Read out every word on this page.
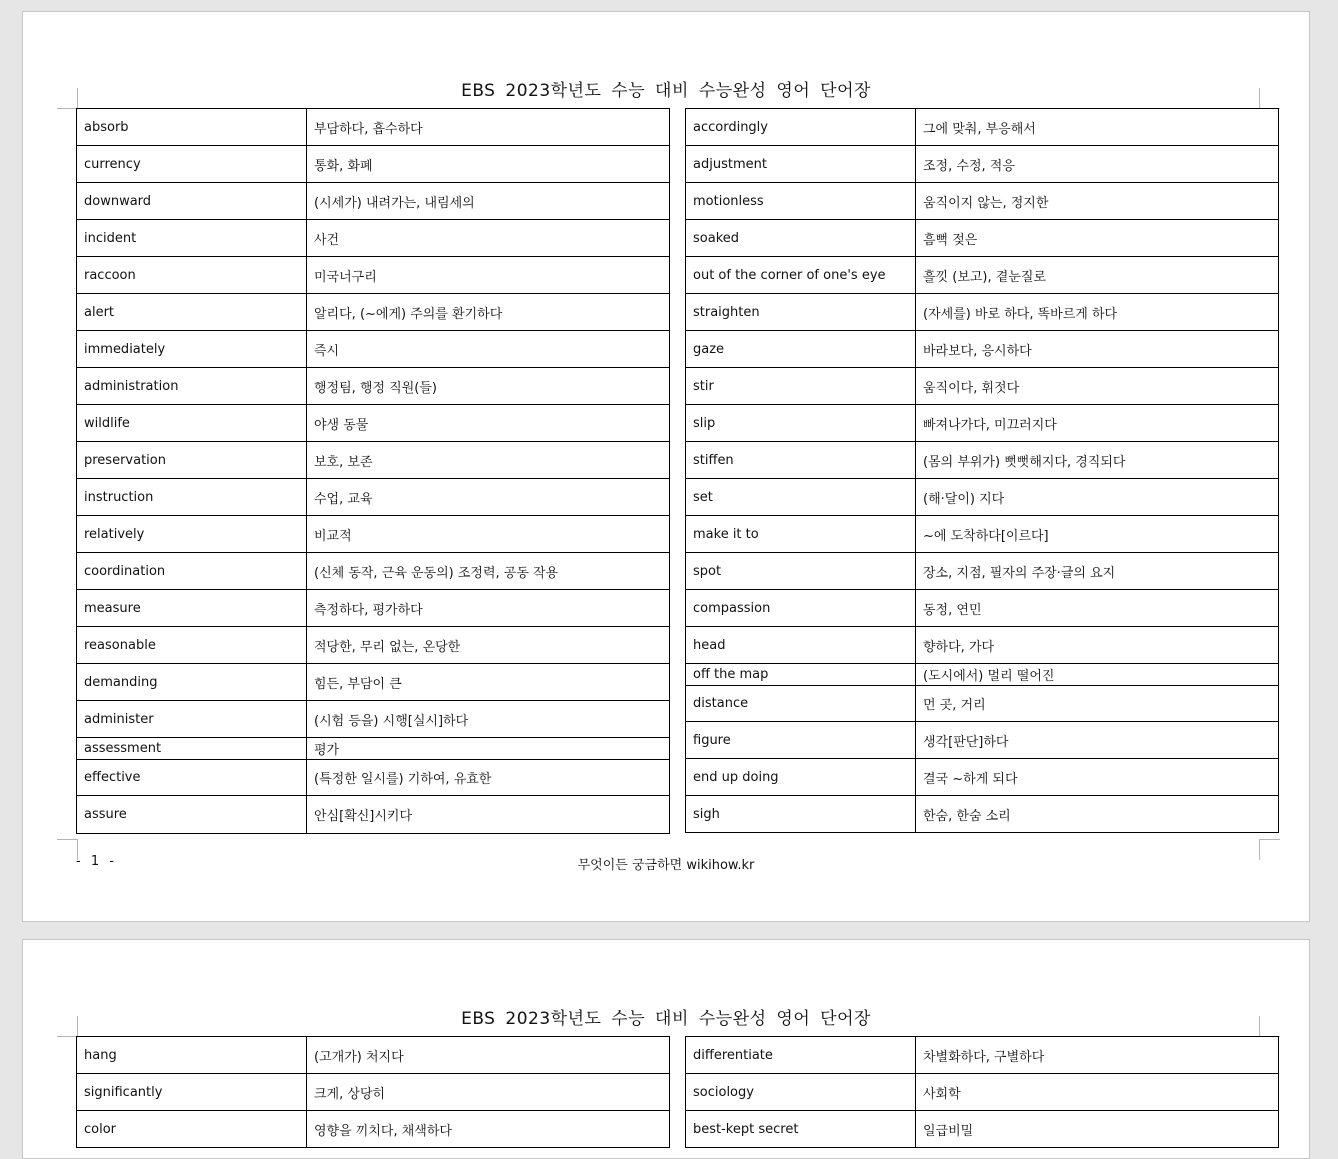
EBS 2023학년도 수능 대비 수능완성 영어 단어장
absorb	부담하다, 흡수하다
currency	통화, 화폐
downward	(시세가) 내려가는, 내림세의
incident	사건
raccoon	미국너구리
alert	알리다, (~에게) 주의를 환기하다
immediately	즉시
administration	행정팀, 행정 직원(들)
wildlife	야생 동물
preservation	보호, 보존
instruction	수업, 교육
relatively	비교적
coordination	(신체 동작, 근육 운동의) 조정력, 공동 작용
measure	측정하다, 평가하다
reasonable	적당한, 무리 없는, 온당한
demanding	힘든, 부담이 큰
administer	(시험 등을) 시행[실시]하다
assessment	평가
effective	(특정한 일시를) 기하여, 유효한
assure	안심[확신]시키다
accordingly	그에 맞춰, 부응해서
adjustment	조정, 수정, 적응
motionless	움직이지 않는, 정지한
soaked	흠뻑 젖은
out of the corner of one's eye	흘낏 (보고), 곁눈질로
straighten	(자세를) 바로 하다, 똑바르게 하다
gaze	바라보다, 응시하다
stir	움직이다, 휘젓다
slip	빠져나가다, 미끄러지다
stiffen	(몸의 부위가) 뻣뻣해지다, 경직되다
set	(해·달이) 지다
make it to	~에 도착하다[이르다]
spot	장소, 지점, 필자의 주장·글의 요지
compassion	동정, 연민
head	향하다, 가다
off the map	(도시에서) 멀리 떨어진
distance	먼 곳, 거리
figure	생각[판단]하다
end up doing	결국 ~하게 되다
sigh	한숨, 한숨 소리
- 1 -	무엇이든 궁금하면 wikihow.kr
EBS 2023학년도 수능 대비 수능완성 영어 단어장
hang	(고개가) 처지다
significantly	크게, 상당히
color	영향을 끼치다, 채색하다
differentiate	차별화하다, 구별하다
sociology	사회학
best-kept secret	일급비밀
